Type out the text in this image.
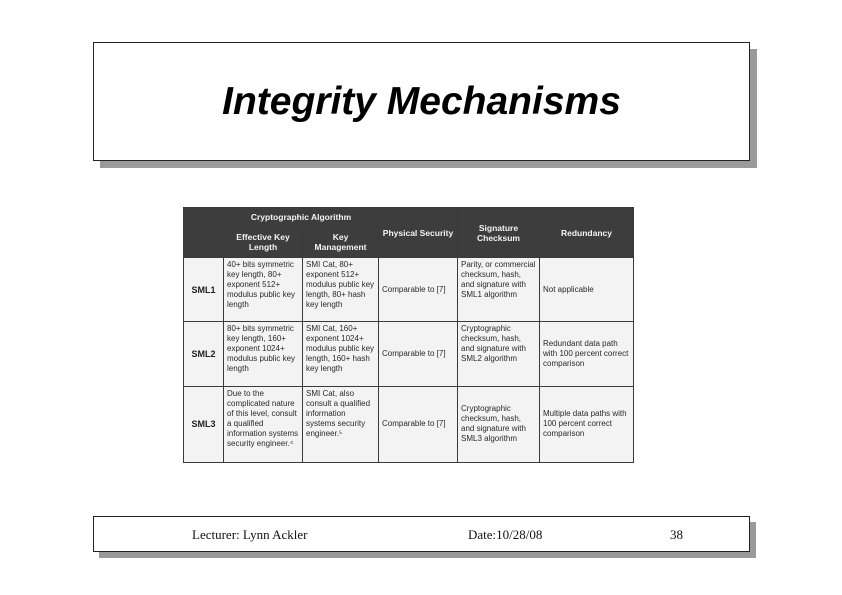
Integrity Mechanisms
	Cryptographic Algorithm		Physical Security	Signature Checksum	Redundancy
	Effective Key Length	Key Management			
SML1	40+ bits symmetric key length, 80+ exponent 512+ modulus public key length	SMI Cat, 80+ exponent 512+ modulus public key length, 80+ hash key length	Comparable to [7]	Parity, or commercial checksum, hash, and signature with SML1 algorithm	Not applicable
SML2	80+ bits symmetric key length, 160+ exponent 1024+ modulus public key length	SMI Cat, 160+ exponent 1024+ modulus public key length, 160+ hash key length	Comparable to [7]	Cryptographic checksum, hash, and signature with SML2 algorithm	Redundant data path with 100 percent correct comparison
SML3	Due to the complicated nature of this level, consult a qualified information systems security engineer.⁴	SMI Cat, also consult a qualified information systems security engineer.⁵	Comparable to [7]	Cryptographic checksum, hash, and signature with SML3 algorithm	Multiple data paths with 100 percent correct comparison
Lecturer: Lynn Ackler	Date:10/28/08	38
